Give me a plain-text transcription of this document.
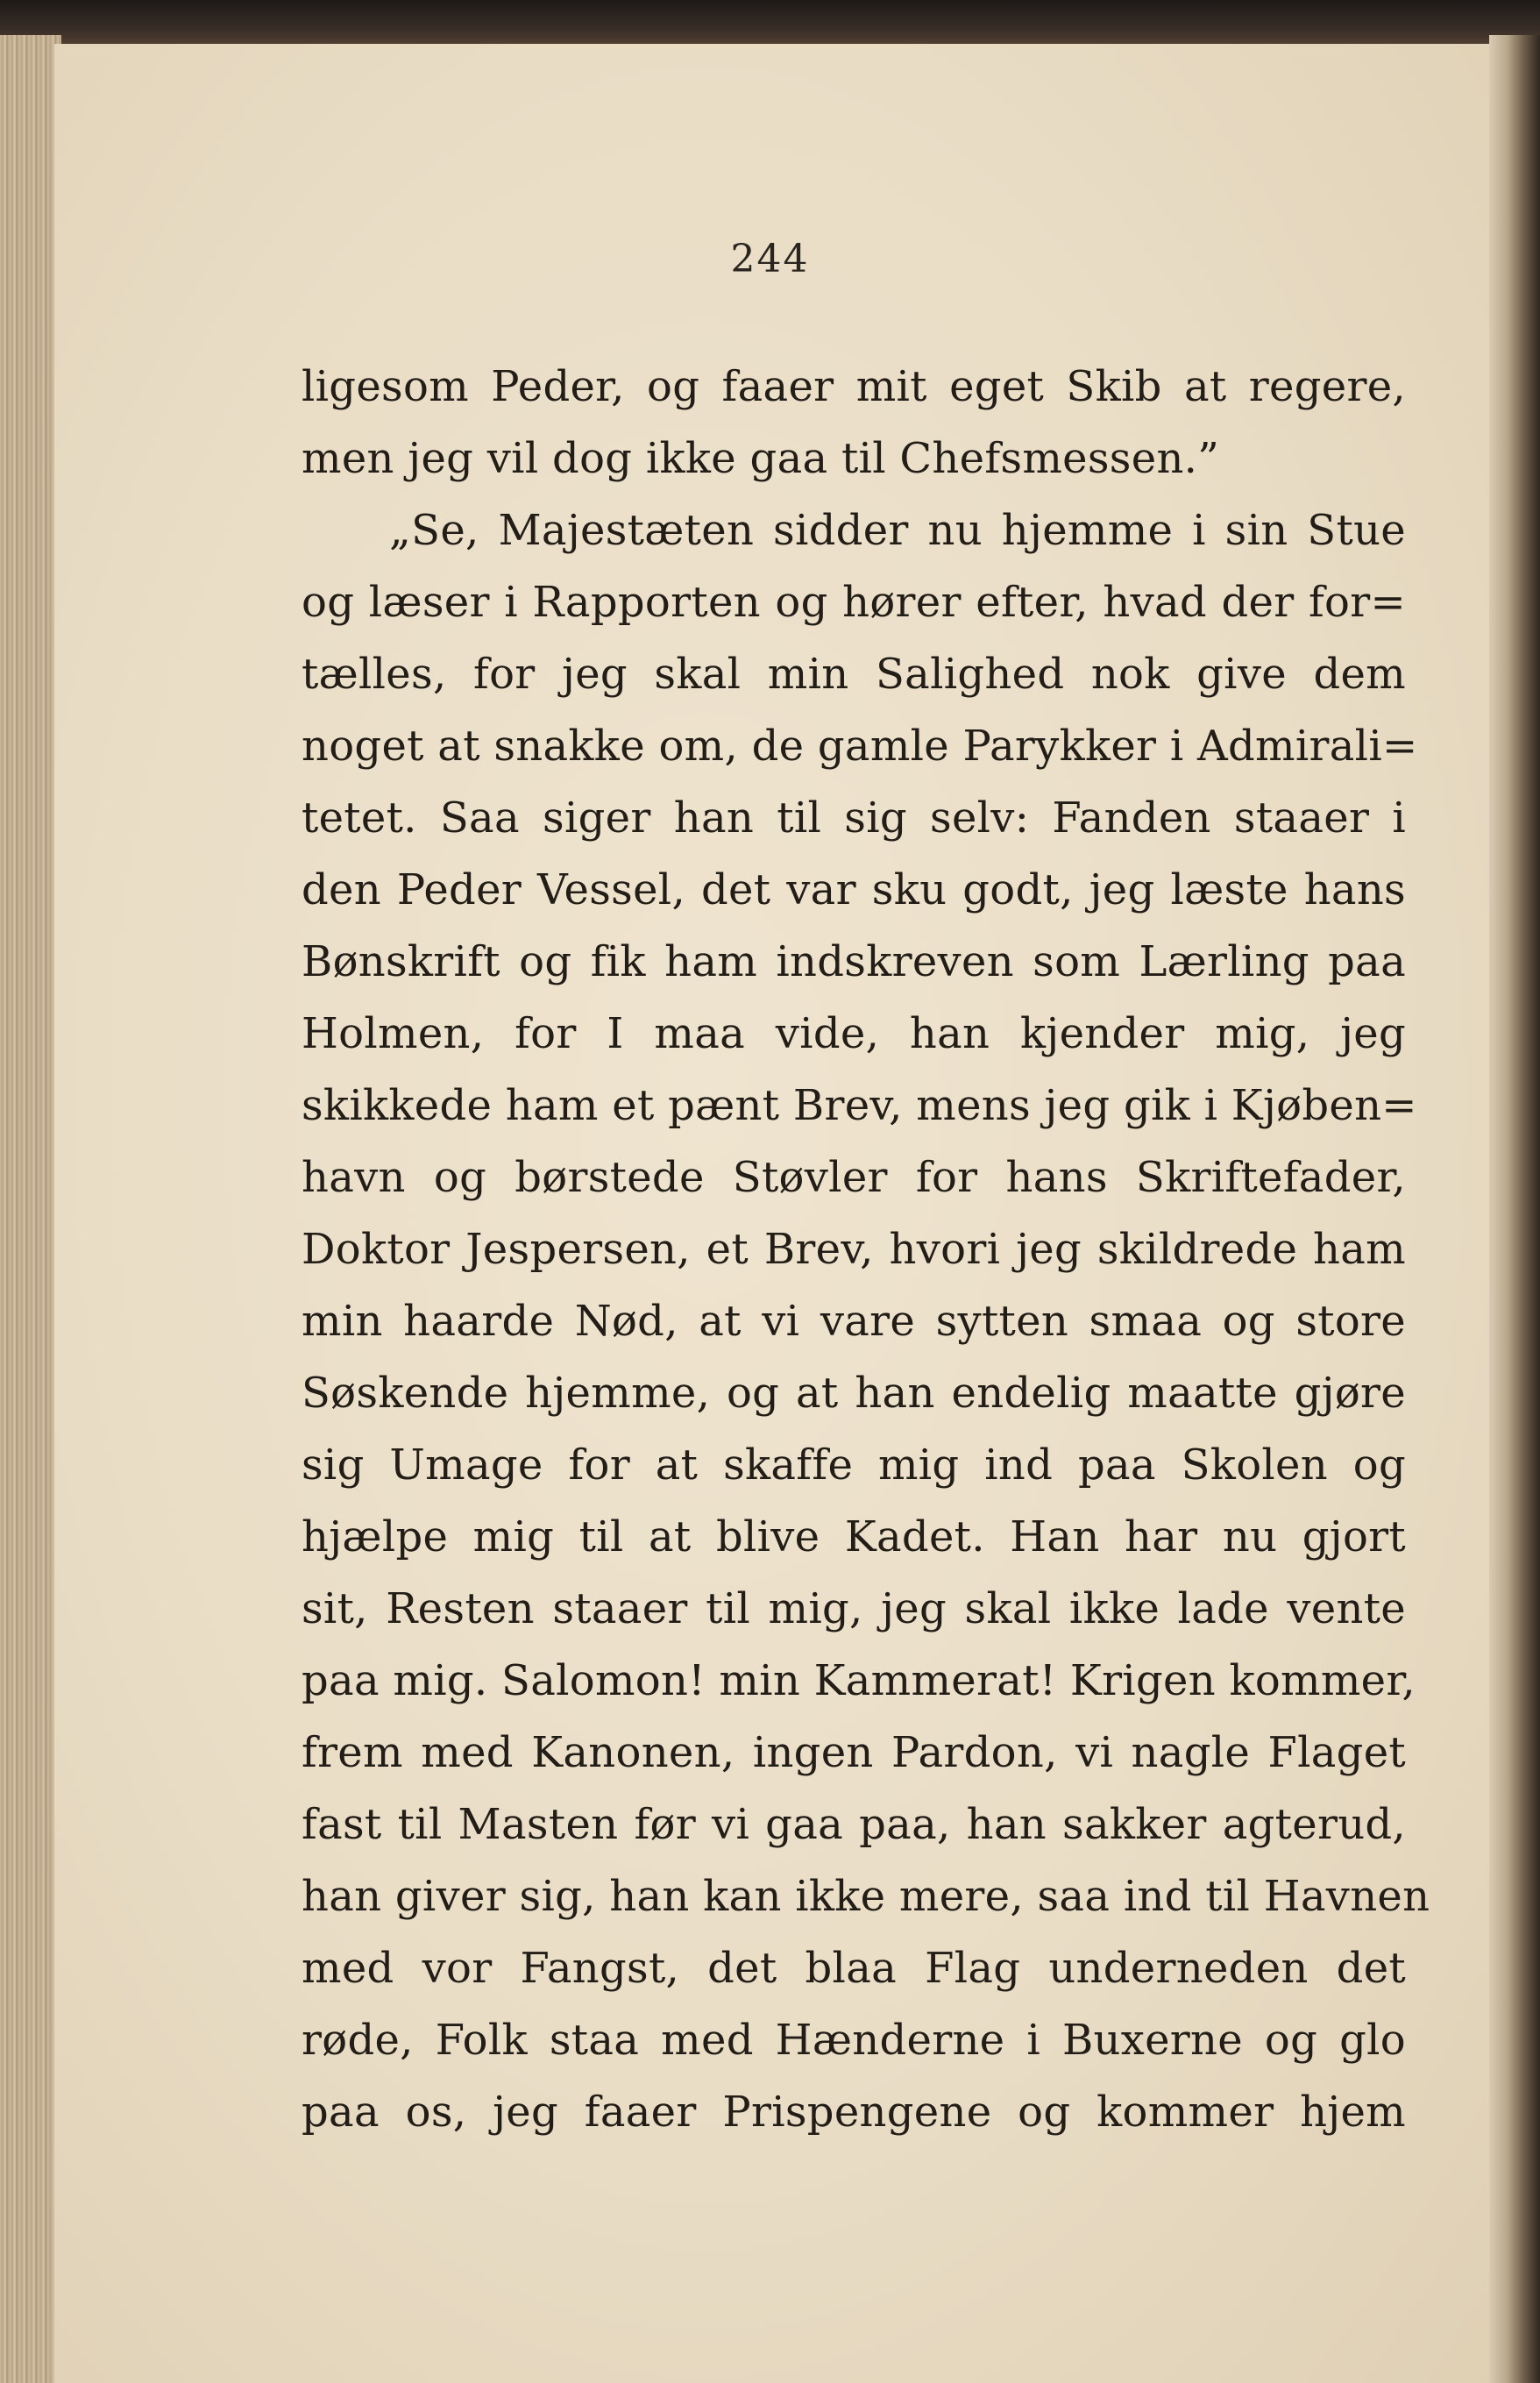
244
ligesom Peder, og faaer mit eget Skib at regere,
men jeg vil dog ikke gaa til Chefsmessen.”
„Se, Majestæten sidder nu hjemme i sin Stue
og læser i Rapporten og hører efter, hvad der for=
tælles, for jeg skal min Salighed nok give dem
noget at snakke om, de gamle Parykker i Admirali=
tetet. Saa siger han til sig selv: Fanden staaer i
den Peder Vessel, det var sku godt, jeg læste hans
Bønskrift og fik ham indskreven som Lærling paa
Holmen, for I maa vide, han kjender mig, jeg
skikkede ham et pænt Brev, mens jeg gik i Kjøben=
havn og børstede Støvler for hans Skriftefader,
Doktor Jespersen, et Brev, hvori jeg skildrede ham
min haarde Nød, at vi vare sytten smaa og store
Søskende hjemme, og at han endelig maatte gjøre
sig Umage for at skaffe mig ind paa Skolen og
hjælpe mig til at blive Kadet. Han har nu gjort
sit, Resten staaer til mig, jeg skal ikke lade vente
paa mig. Salomon! min Kammerat! Krigen kommer,
frem med Kanonen, ingen Pardon, vi nagle Flaget
fast til Masten før vi gaa paa, han sakker agterud,
han giver sig, han kan ikke mere, saa ind til Havnen
med vor Fangst, det blaa Flag underneden det
røde, Folk staa med Hænderne i Buxerne og glo
paa os, jeg faaer Prispengene og kommer hjem
